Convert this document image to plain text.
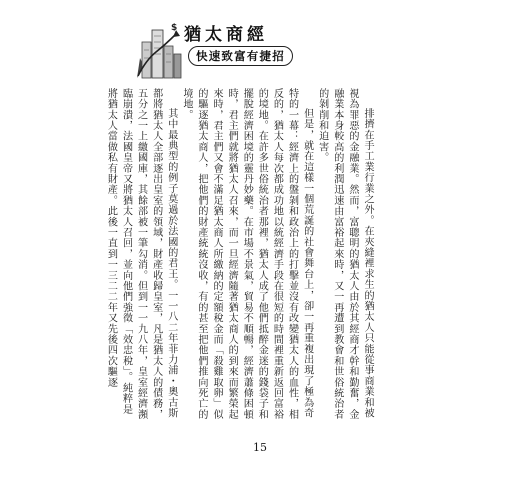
$ 猶太商經
快速致富有捷招

排擠在手工業行業之外。在夾縫裡求生的猶太人只能從事商業和被視為罪惡的金融業。然而，富聰明的猶太人由於其經商才幹和勤奮，金融業本身較高的利潤迅速由富裕起來時，又一再遭到教會和世俗統治者的剝削和迫害。

但是，就在這樣一個荒誕的社會舞台上，卻一再重複出現了極為奇特的一幕：經濟上的盤剝和政治上的打擊並沒有改變猶太人的血性，相反的，猶太人每次都成功地以統經濟手段在很短的時間裡重新返回富裕的境地。在許多世俗統治者那裡，猶太人成了他們抵醉金迷的錢袋子和擺脫經濟困境的靈丹妙藥。在市場不景氣，貿易不順暢，經濟蕭條困頓時，君主們就將猶太人召來，而一旦經濟隨著猶太商人的到來而繁榮起來時，君主們又會不滿足猶太商人所繳納的定額稅金而「殺雞取卵」似的驅逐猶太商人，把他們的財產統統沒收，有的甚至把他們推向死亡的境地。

其中最典型的例子莫過於法國的君王。一一八二年菲力浦・奧古斯都將猶太人全部逐出皇室的領域，財產收歸皇室，凡是猶太人的債務，五分之一上繳國庫，其餘部被一筆勾消。但到一一九八年，皇室經濟瀕臨崩潰，法國皇帝又將猶太人召回，並向他們強徵「效忠稅」。純粹是將猶太人當做私有財產。此後一直到一三二二年又先後四次驅逐

15
